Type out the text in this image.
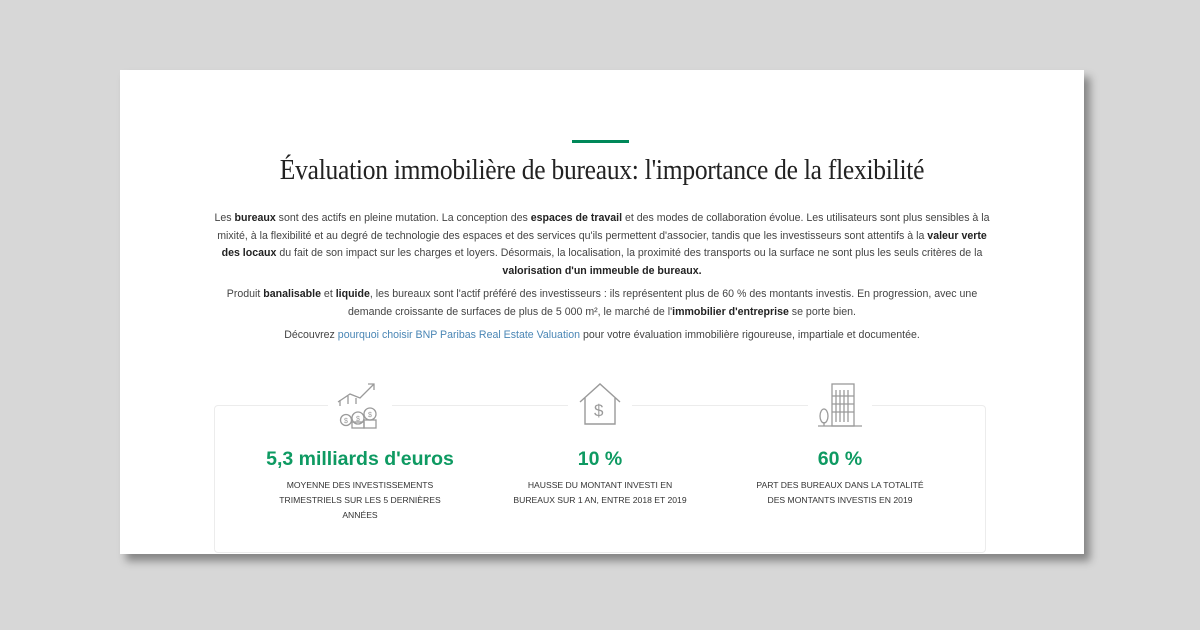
Évaluation immobilière de bureaux: l'importance de la flexibilité

Les bureaux sont des actifs en pleine mutation. La conception des espaces de travail et des modes de collaboration évolue. Les utilisateurs sont plus sensibles à la mixité, à la flexibilité et au degré de technologie des espaces et des services qu'ils permettent d'associer, tandis que les investisseurs sont attentifs à la valeur verte des locaux du fait de son impact sur les charges et loyers. Désormais, la localisation, la proximité des transports ou la surface ne sont plus les seuls critères de la valorisation d'un immeuble de bureaux.

Produit banalisable et liquide, les bureaux sont l'actif préféré des investisseurs : ils représentent plus de 60 % des montants investis. En progression, avec une demande croissante de surfaces de plus de 5 000 m², le marché de l'immobilier d'entreprise se porte bien.

Découvrez pourquoi choisir BNP Paribas Real Estate Valuation pour votre évaluation immobilière rigoureuse, impartiale et documentée.

$ $
$
5,3 milliards d'euros
MOYENNE DES INVESTISSEMENTS TRIMESTRIELS SUR LES 5 DERNIÈRES ANNÉES
$
10 %
HAUSSE DU MONTANT INVESTI EN BUREAUX SUR 1 AN, ENTRE 2018 ET 2019
60 %
PART DES BUREAUX DANS LA TOTALITÉ DES MONTANTS INVESTIS EN 2019
